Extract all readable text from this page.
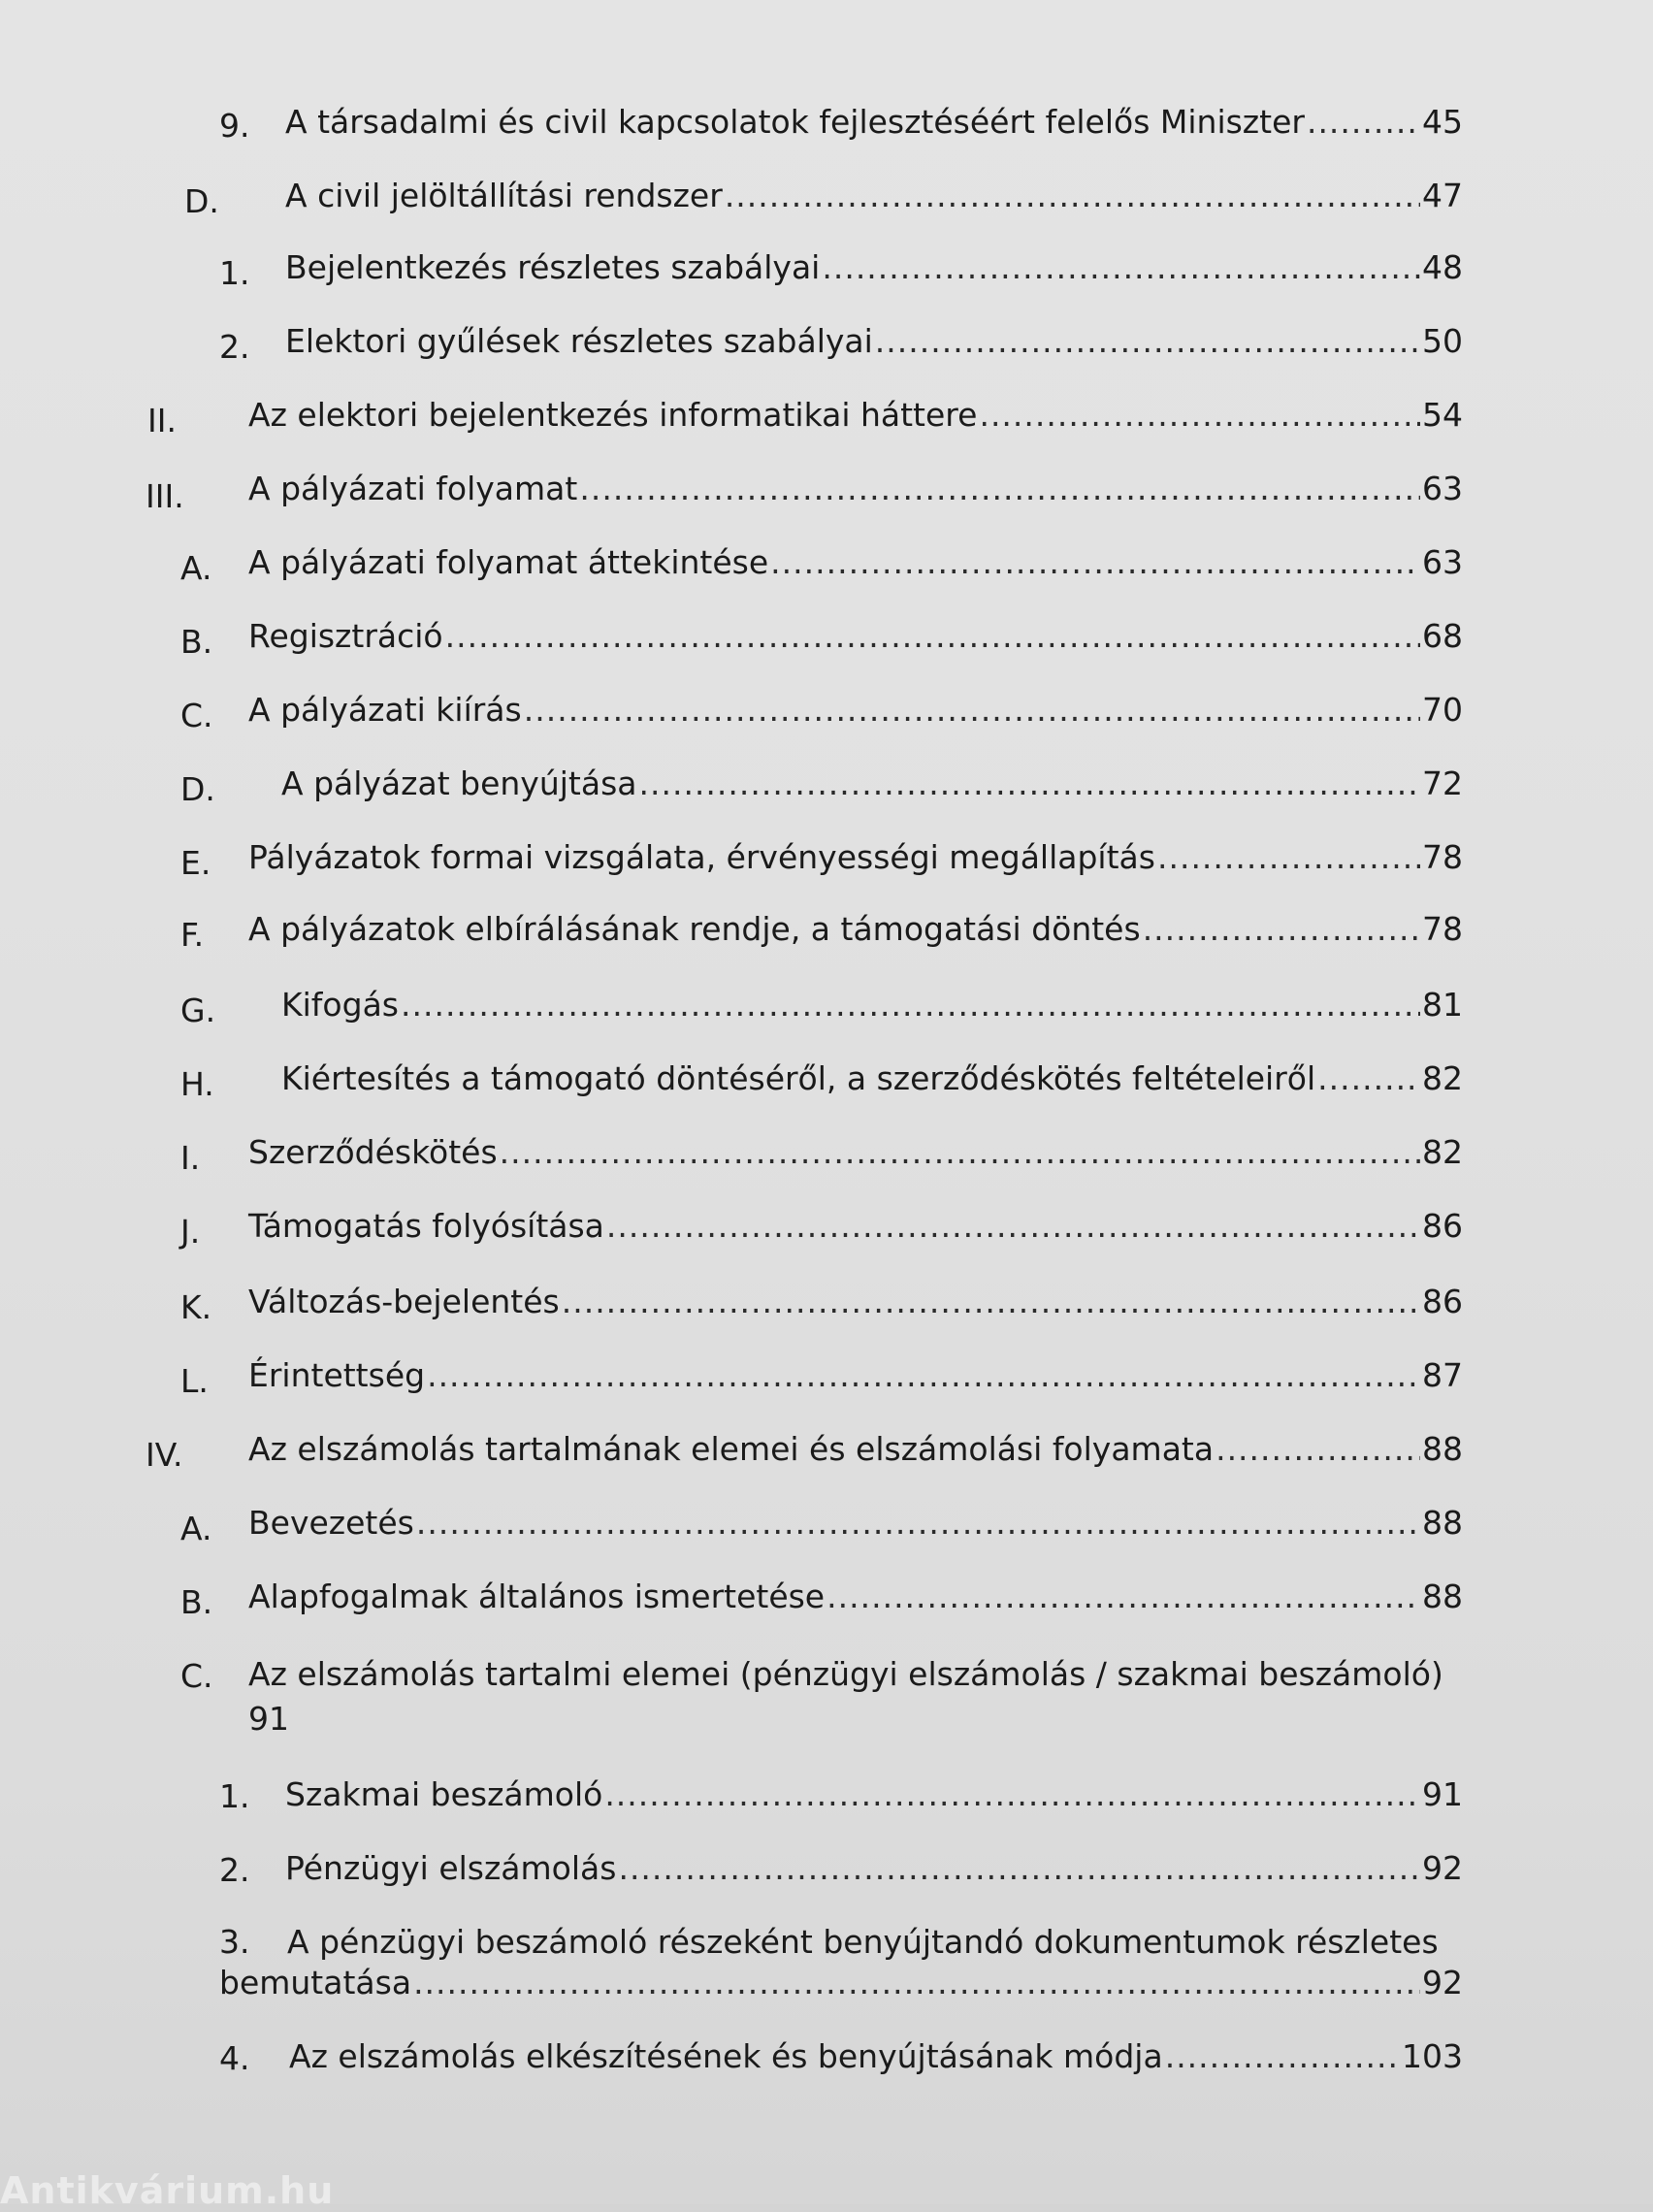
9. A társadalmi és civil kapcsolatok fejlesztéséért felelős Miniszter .....	45
D. A civil jelöltállítási rendszer .....	47
1. Bejelentkezés részletes szabályai .....	48
2. Elektori gyűlések részletes szabályai .....	50
II. Az elektori bejelentkezés informatikai háttere .....	54
III. A pályázati folyamat .....	63
A. A pályázati folyamat áttekintése .....	63
B. Regisztráció .....	68
C. A pályázati kiírás .....	70
D. A pályázat benyújtása .....	72
E. Pályázatok formai vizsgálata, érvényességi megállapítás .....	78
F. A pályázatok elbírálásának rendje, a támogatási döntés .....	78
G. Kifogás .....	81
H. Kiértesítés a támogató döntéséről, a szerződéskötés feltételeiről .....	82
I. Szerződéskötés .....	82
J. Támogatás folyósítása .....	86
K. Változás-bejelentés .....	86
L. Érintettség .....	87
IV. Az elszámolás tartalmának elemei és elszámolási folyamata .....	88
A. Bevezetés .....	88
B. Alapfogalmak általános ismertetése .....	88
C. Az elszámolás tartalmi elemei (pénzügyi elszámolás / szakmai beszámoló)
91
1. Szakmai beszámoló .....	91
2. Pénzügyi elszámolás .....	92
3. A pénzügyi beszámoló részeként benyújtandó dokumentumok részletes
bemutatása .....	92
4. Az elszámolás elkészítésének és benyújtásának módja .....	103
Antikvárium.hu
